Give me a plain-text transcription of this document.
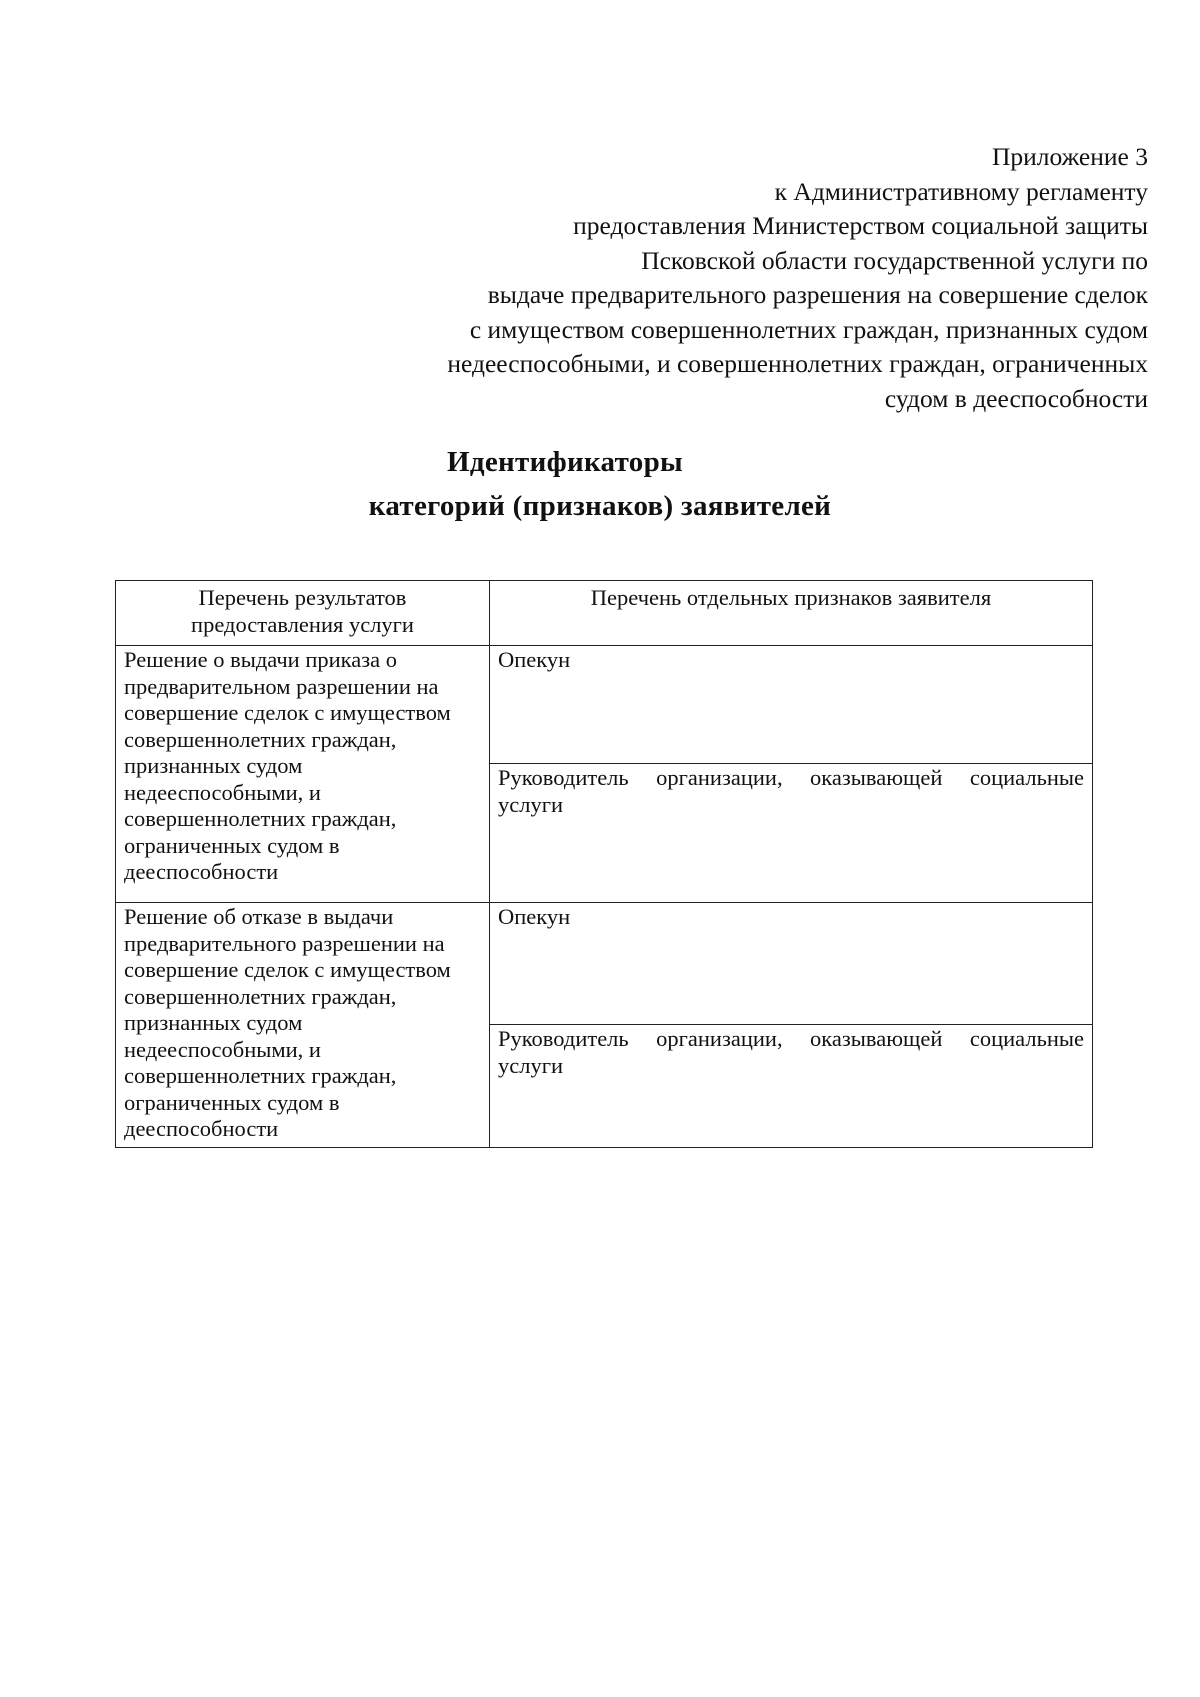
Приложение 3
к Административному регламенту
предоставления Министерством социальной защиты
Псковской области государственной услуги по
выдаче предварительного разрешения на совершение сделок
с имуществом совершеннолетних граждан, признанных судом
недееспособными, и совершеннолетних граждан, ограниченных
судом в дееспособности
Идентификаторы
категорий (признаков) заявителей
Перечень результатов предоставления услуги	Перечень отдельных признаков заявителя
Решение о выдачи приказа о предварительном разрешении на совершение сделок с имуществом совершеннолетних граждан, признанных судом недееспособными, и совершеннолетних граждан, ограниченных судом в дееспособности	Опекун
	Руководитель организации, оказывающей социальные услуги
Решение об отказе в выдачи предварительного разрешении на совершение сделок с имуществом совершеннолетних граждан, признанных судом недееспособными, и совершеннолетних граждан, ограниченных судом в дееспособности	Опекун
	Руководитель организации, оказывающей социальные услуги
